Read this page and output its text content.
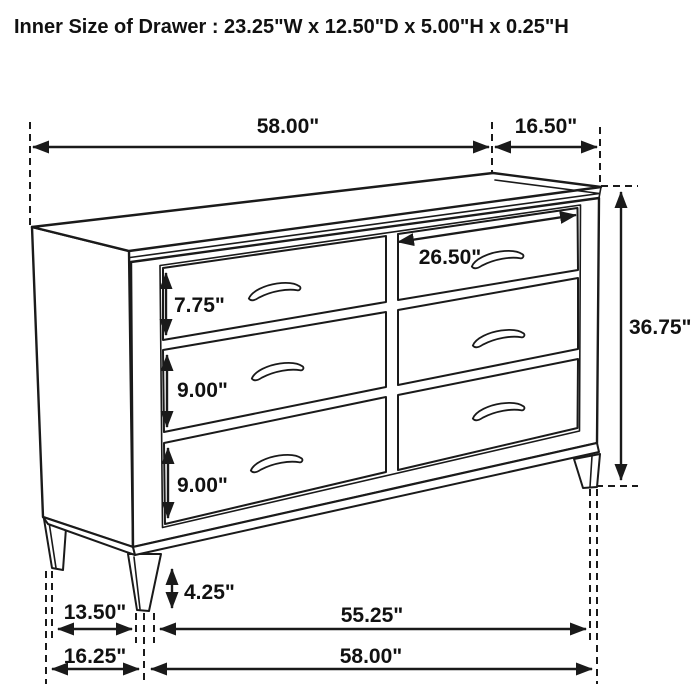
Inner Size of Drawer : 23.25"W x 12.50"D x 5.00"H x 0.25"H
58.00"	16.50"
26.50"
7.75"
9.00"
9.00"
36.75"
4.25"
13.50"	55.25"
16.25"	58.00"
